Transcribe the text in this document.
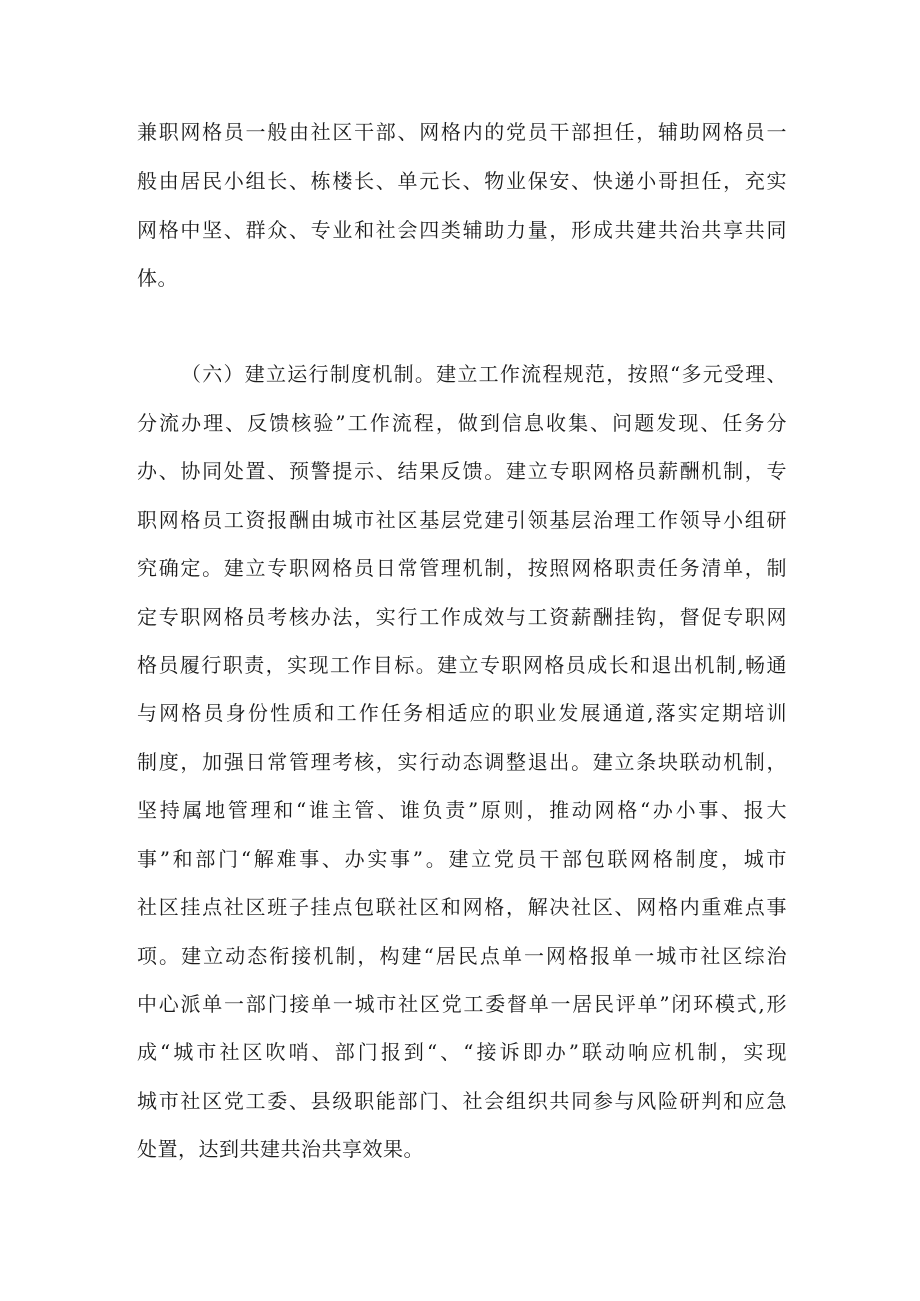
兼职网格员一般由社区干部、网格内的党员干部担任，辅助网格员一
般由居民小组长、栋楼长、单元长、物业保安、快递小哥担任，充实
网格中坚、群众、专业和社会四类辅助力量，形成共建共治共享共同
体。
（六）建立运行制度机制。建立工作流程规范，按照“多元受理、
分流办理、反馈核验”工作流程，做到信息收集、问题发现、任务分
办、协同处置、预警提示、结果反馈。建立专职网格员薪酬机制，专
职网格员工资报酬由城市社区基层党建引领基层治理工作领导小组研
究确定。建立专职网格员日常管理机制，按照网格职责任务清单，制
定专职网格员考核办法，实行工作成效与工资薪酬挂钩，督促专职网
格员履行职责，实现工作目标。建立专职网格员成长和退出机制,畅通
与网格员身份性质和工作任务相适应的职业发展通道,落实定期培训
制度，加强日常管理考核，实行动态调整退出。建立条块联动机制，
坚持属地管理和“谁主管、谁负责”原则，推动网格“办小事、报大
事”和部门“解难事、办实事”。建立党员干部包联网格制度，城市
社区挂点社区班子挂点包联社区和网格，解决社区、网格内重难点事
项。建立动态衔接机制，构建“居民点单一网格报单一城市社区综治
中心派单一部门接单一城市社区党工委督单一居民评单”闭环模式,形
成“城市社区吹哨、部门报到“、“接诉即办”联动响应机制，实现
城市社区党工委、县级职能部门、社会组织共同参与风险研判和应急
处置，达到共建共治共享效果。
